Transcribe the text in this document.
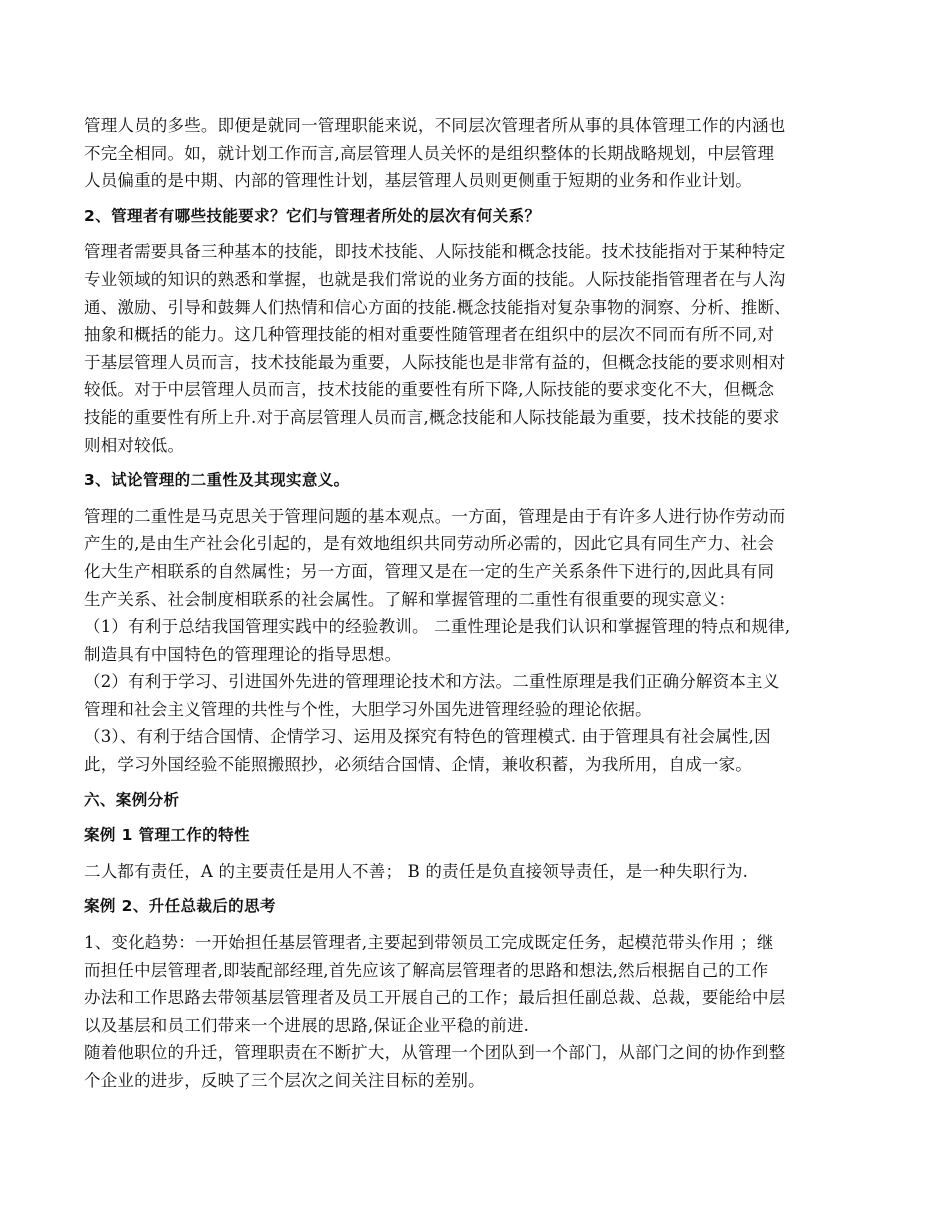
管理人员的多些。即便是就同一管理职能来说，不同层次管理者所从事的具体管理工作的内涵也
不完全相同。如，就计划工作而言,高层管理人员关怀的是组织整体的长期战略规划，中层管理
人员偏重的是中期、内部的管理性计划，基层管理人员则更侧重于短期的业务和作业计划。
2、管理者有哪些技能要求？它们与管理者所处的层次有何关系？
管理者需要具备三种基本的技能，即技术技能、人际技能和概念技能。技术技能指对于某种特定
专业领域的知识的熟悉和掌握，也就是我们常说的业务方面的技能。人际技能指管理者在与人沟
通、激励、引导和鼓舞人们热情和信心方面的技能.概念技能指对复杂事物的洞察、分析、推断、
抽象和概括的能力。这几种管理技能的相对重要性随管理者在组织中的层次不同而有所不同,对
于基层管理人员而言，技术技能最为重要，人际技能也是非常有益的，但概念技能的要求则相对
较低。对于中层管理人员而言，技术技能的重要性有所下降,人际技能的要求变化不大，但概念
技能的重要性有所上升.对于高层管理人员而言,概念技能和人际技能最为重要，技术技能的要求
则相对较低。
3、试论管理的二重性及其现实意义。
管理的二重性是马克思关于管理问题的基本观点。一方面，管理是由于有许多人进行协作劳动而
产生的,是由生产社会化引起的，是有效地组织共同劳动所必需的，因此它具有同生产力、社会
化大生产相联系的自然属性；另一方面，管理又是在一定的生产关系条件下进行的,因此具有同
生产关系、社会制度相联系的社会属性。了解和掌握管理的二重性有很重要的现实意义：
（1）有利于总结我国管理实践中的经验教训。 二重性理论是我们认识和掌握管理的特点和规律,
制造具有中国特色的管理理论的指导思想。
（2）有利于学习、引进国外先进的管理理论技术和方法。二重性原理是我们正确分解资本主义
管理和社会主义管理的共性与个性，大胆学习外国先进管理经验的理论依据。
（3）、有利于结合国情、企情学习、运用及探究有特色的管理模式. 由于管理具有社会属性,因
此，学习外国经验不能照搬照抄，必须结合国情、企情，兼收积蓄，为我所用，自成一家。
六、案例分析
案例 1 管理工作的特性
二人都有责任，A 的主要责任是用人不善； B 的责任是负直接领导责任，是一种失职行为.
案例 2、升任总裁后的思考
1、变化趋势：一开始担任基层管理者,主要起到带领员工完成既定任务，起模范带头作用 ；继
而担任中层管理者,即装配部经理,首先应该了解高层管理者的思路和想法,然后根据自己的工作
办法和工作思路去带领基层管理者及员工开展自己的工作；最后担任副总裁、总裁，要能给中层
以及基层和员工们带来一个进展的思路,保证企业平稳的前进.
随着他职位的升迁，管理职责在不断扩大，从管理一个团队到一个部门，从部门之间的协作到整
个企业的进步，反映了三个层次之间关注目标的差别。
